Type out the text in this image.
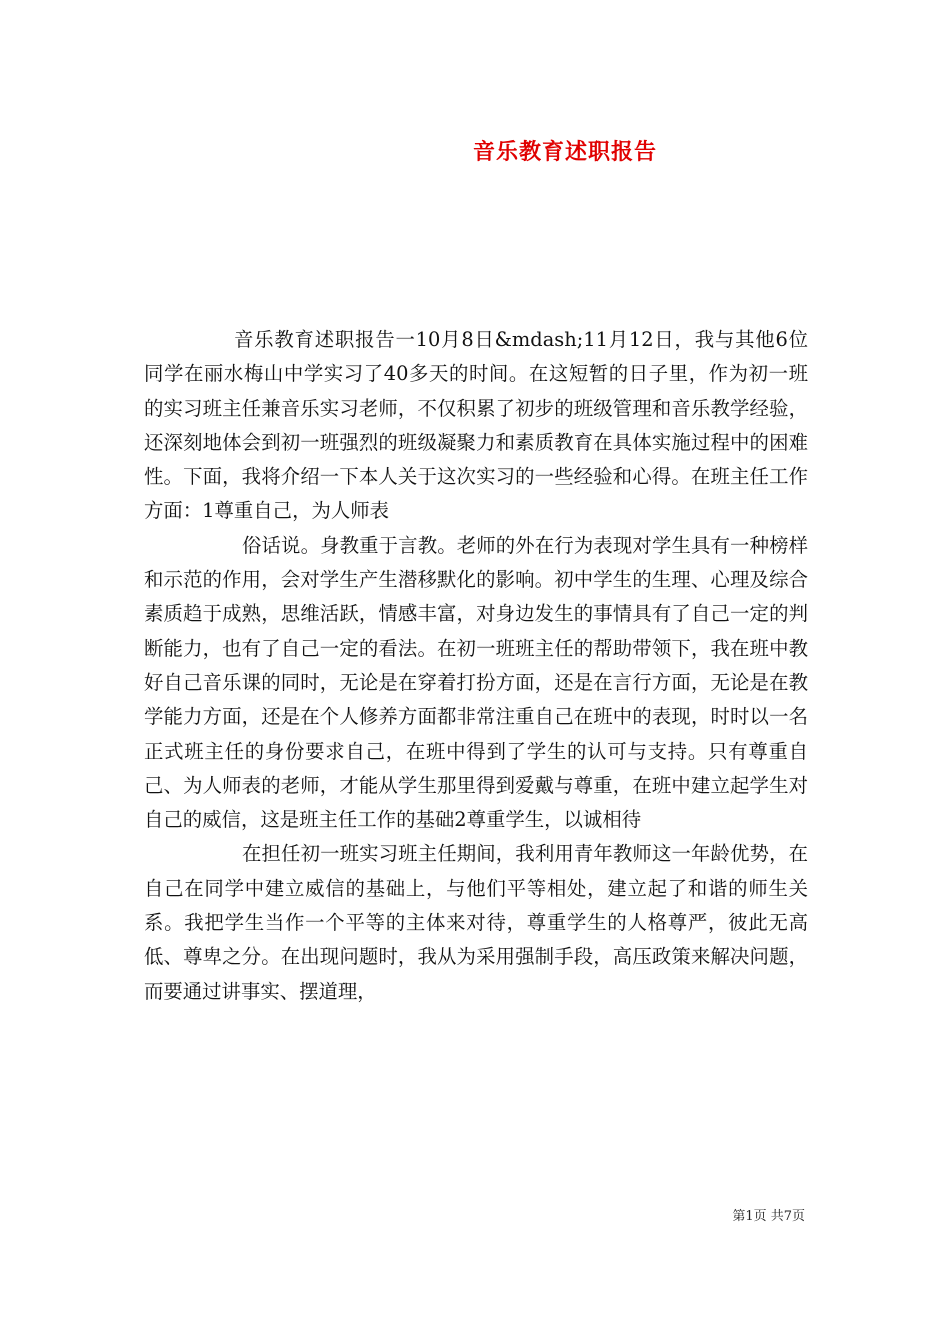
音乐教育述职报告

音乐教育述职报告一10月8日&mdash;11月12日，我与其他6位同学在丽水梅山中学实习了40多天的时间。在这短暂的日子里，作为初一班的实习班主任兼音乐实习老师，不仅积累了初步的班级管理和音乐教学经验，还深刻地体会到初一班强烈的班级凝聚力和素质教育在具体实施过程中的困难性。下面，我将介绍一下本人关于这次实习的一些经验和心得。在班主任工作方面：1尊重自己，为人师表

俗话说。身教重于言教。老师的外在行为表现对学生具有一种榜样和示范的作用，会对学生产生潜移默化的影响。初中学生的生理、心理及综合素质趋于成熟，思维活跃，情感丰富，对身边发生的事情具有了自己一定的判断能力，也有了自己一定的看法。在初一班班主任的帮助带领下，我在班中教好自己音乐课的同时，无论是在穿着打扮方面，还是在言行方面，无论是在教学能力方面，还是在个人修养方面都非常注重自己在班中的表现，时时以一名正式班主任的身份要求自己，在班中得到了学生的认可与支持。只有尊重自己、为人师表的老师，才能从学生那里得到爱戴与尊重，在班中建立起学生对自己的威信，这是班主任工作的基础2尊重学生，以诚相待

在担任初一班实习班主任期间，我利用青年教师这一年龄优势，在自己在同学中建立威信的基础上，与他们平等相处，建立起了和谐的师生关系。我把学生当作一个平等的主体来对待，尊重学生的人格尊严，彼此无高低、尊卑之分。在出现问题时，我从为采用强制手段，高压政策来解决问题，而要通过讲事实、摆道理，

第1页 共7页
